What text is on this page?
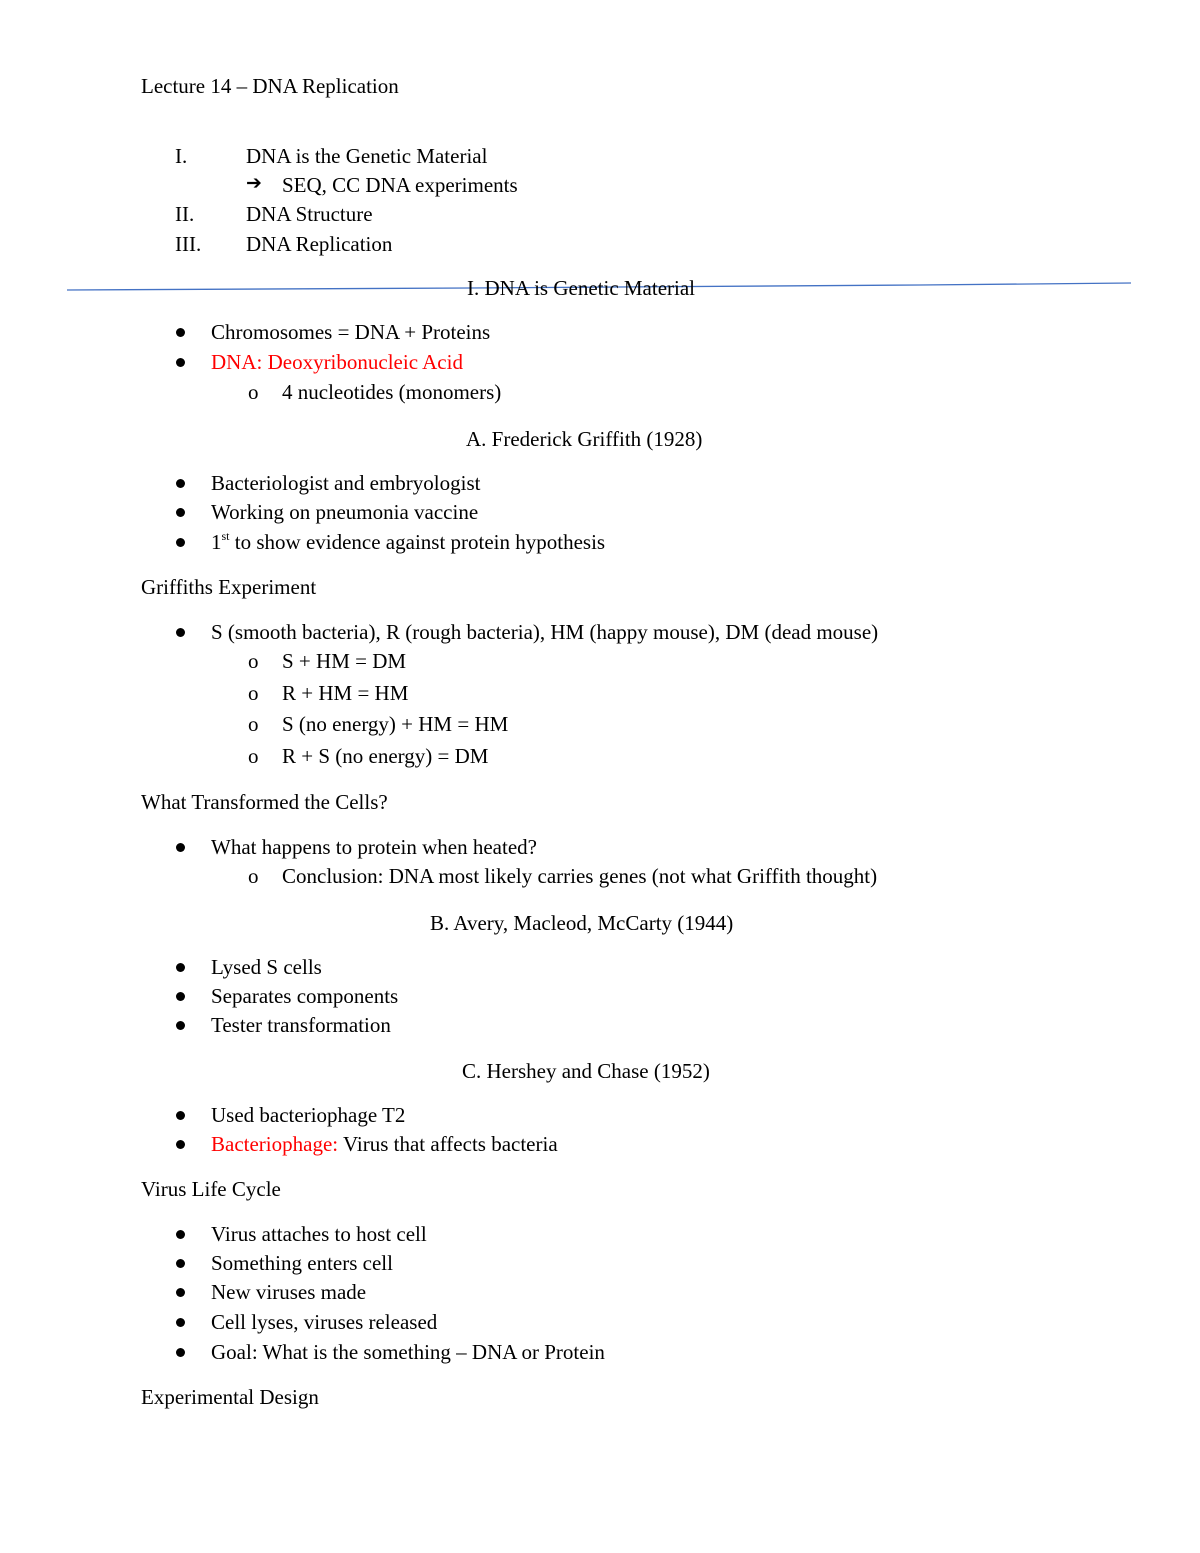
Lecture 14 – DNA Replication
I.	DNA is the Genetic Material
➔ SEQ, CC DNA experiments
II. DNA Structure
III. DNA Replication
I. DNA is Genetic Material
Chromosomes = DNA + Proteins
DNA: Deoxyribonucleic Acid
o 4 nucleotides (monomers)
A. Frederick Griffith (1928)
Bacteriologist and embryologist
Working on pneumonia vaccine
1st to show evidence against protein hypothesis
Griffiths Experiment
S (smooth bacteria), R (rough bacteria), HM (happy mouse), DM (dead mouse)
o S + HM = DM
o R + HM = HM
o S (no energy) + HM = HM
o R + S (no energy) = DM
What Transformed the Cells?
What happens to protein when heated?
o Conclusion: DNA most likely carries genes (not what Griffith thought)
B. Avery, Macleod, McCarty (1944)
Lysed S cells
Separates components
Tester transformation
C. Hershey and Chase (1952)
Used bacteriophage T2
Bacteriophage: Virus that affects bacteria
Virus Life Cycle
Virus attaches to host cell
Something enters cell
New viruses made
Cell lyses, viruses released
Goal: What is the something – DNA or Protein
Experimental Design
